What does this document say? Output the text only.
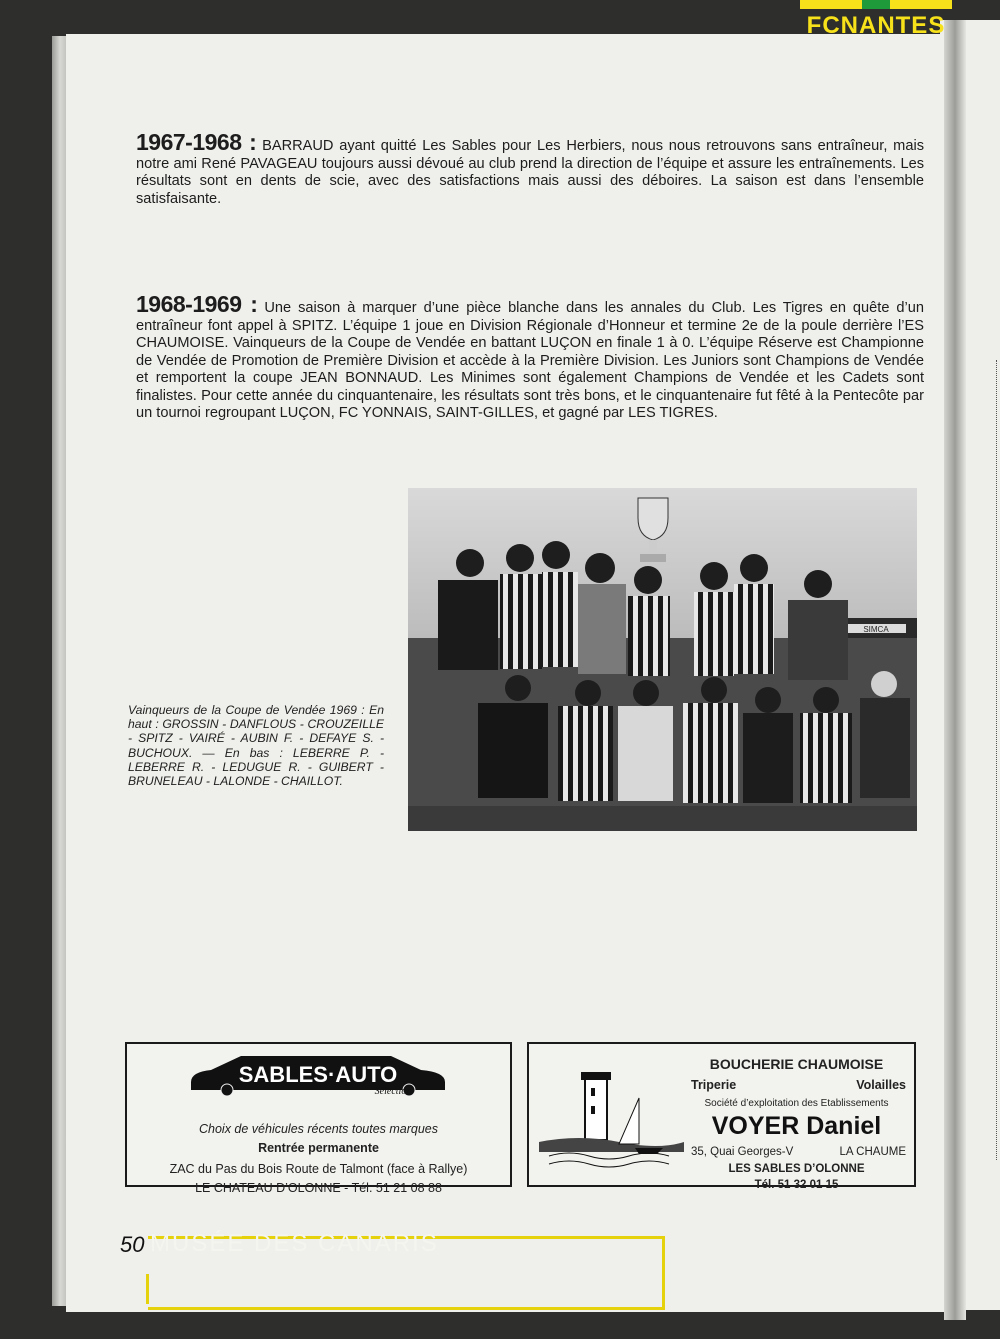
FCNANTES
1967-1968 : BARRAUD ayant quitté Les Sables pour Les Herbiers, nous nous retrouvons sans entraîneur, mais notre ami René PAVAGEAU toujours aussi dévoué au club prend la direction de l’équipe et assure les entraînements. Les résultats sont en dents de scie, avec des satisfactions mais aussi des déboires. La saison est dans l’ensemble satisfaisante.
1968-1969 : Une saison à marquer d’une pièce blanche dans les annales du Club. Les Tigres en quête d’un entraîneur font appel à SPITZ. L’équipe 1 joue en Division Régionale d’Honneur et termine 2e de la poule derrière l’ES CHAUMOISE. Vainqueurs de la Coupe de Vendée en battant LUÇON en finale 1 à 0. L’équipe Réserve est Championne de Vendée de Promotion de Première Division et accède à la Première Division. Les Juniors sont Champions de Vendée et remportent la coupe JEAN BONNAUD. Les Minimes sont également Champions de Vendée et les Cadets sont finalistes. Pour cette année du cinquantenaire, les résultats sont très bons, et le cinquantenaire fut fêté à la Pentecôte par un tournoi regroupant LUÇON, FC YONNAIS, SAINT-GILLES, et gagné par LES TIGRES.
SIMCA
Vainqueurs de la Coupe de Vendée 1969 : En haut : GROSSIN - DANFLOUS - CROUZEILLE - SPITZ - VAIRÉ - AUBIN F. - DEFAYE S. - BUCHOUX. — En bas : LEBERRE P. - LEBERRE R. - LEDUGUE R. - GUIBERT - BRUNELEAU - LALONDE - CHAILLOT.
SABLES·AUTO
Sélection
Choix de véhicules récents toutes marques
Rentrée permanente
ZAC du Pas du Bois Route de Talmont (face à Rallye)
LE CHATEAU D’OLONNE - Tél. 51 21 08 88
BOUCHERIE CHAUMOISE
Triperie	Volailles
Société d’exploitation des Etablissements
VOYER Daniel
35, Quai Georges-V	LA CHAUME
LES SABLES D’OLONNE
Tél. 51 32 01 15
50 MUSÉE DES CANARIS
